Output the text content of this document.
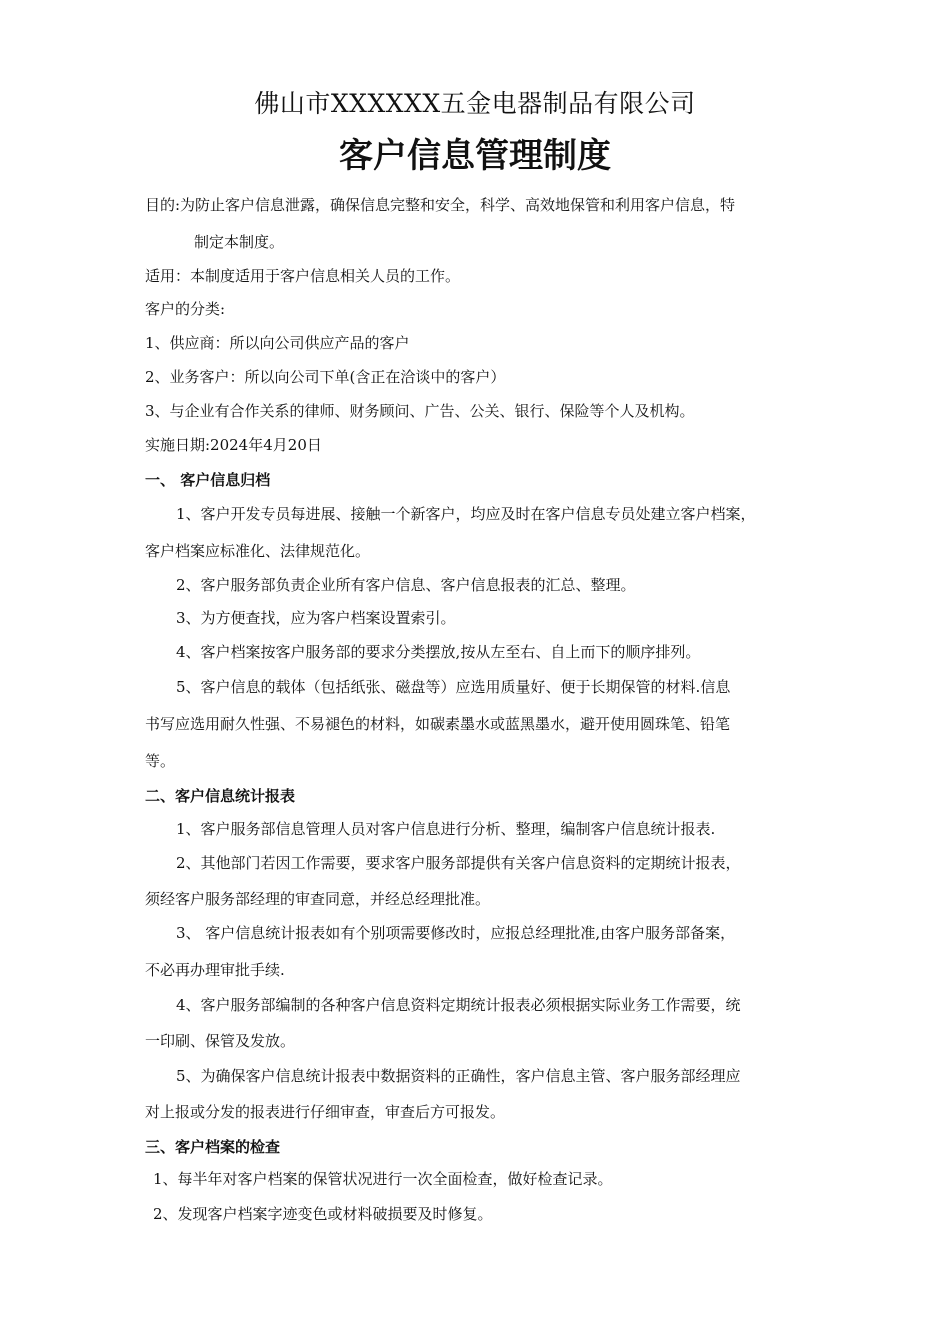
佛山市XXXXXX五金电器制品有限公司
客户信息管理制度
目的:为防止客户信息泄露，确保信息完整和安全，科学、高效地保管和利用客户信息，特
制定本制度。
适用：本制度适用于客户信息相关人员的工作。
客户的分类:
1、供应商：所以向公司供应产品的客户
2、业务客户：所以向公司下单(含正在洽谈中的客户）
3、与企业有合作关系的律师、财务顾问、广告、公关、银行、保险等个人及机构。
实施日期:2024年4月20日
一、 客户信息归档
1、客户开发专员每进展、接触一个新客户，均应及时在客户信息专员处建立客户档案，
客户档案应标准化、法律规范化。
2、客户服务部负责企业所有客户信息、客户信息报表的汇总、整理。
3、为方便查找，应为客户档案设置索引。
4、客户档案按客户服务部的要求分类摆放,按从左至右、自上而下的顺序排列。
5、客户信息的载体（包括纸张、磁盘等）应选用质量好、便于长期保管的材料.信息
书写应选用耐久性强、不易褪色的材料，如碳素墨水或蓝黑墨水，避开使用圆珠笔、铅笔
等。
二、客户信息统计报表
1、客户服务部信息管理人员对客户信息进行分析、整理，编制客户信息统计报表.
2、其他部门若因工作需要，要求客户服务部提供有关客户信息资料的定期统计报表，
须经客户服务部经理的审查同意，并经总经理批准。
3、 客户信息统计报表如有个别项需要修改时，应报总经理批准,由客户服务部备案，
不必再办理审批手续.
4、客户服务部编制的各种客户信息资料定期统计报表必须根据实际业务工作需要，统
一印刷、保管及发放。
5、为确保客户信息统计报表中数据资料的正确性，客户信息主管、客户服务部经理应
对上报或分发的报表进行仔细审查，审查后方可报发。
三、客户档案的检查
1、每半年对客户档案的保管状况进行一次全面检查，做好检查记录。
2、发现客户档案字迹变色或材料破损要及时修复。
